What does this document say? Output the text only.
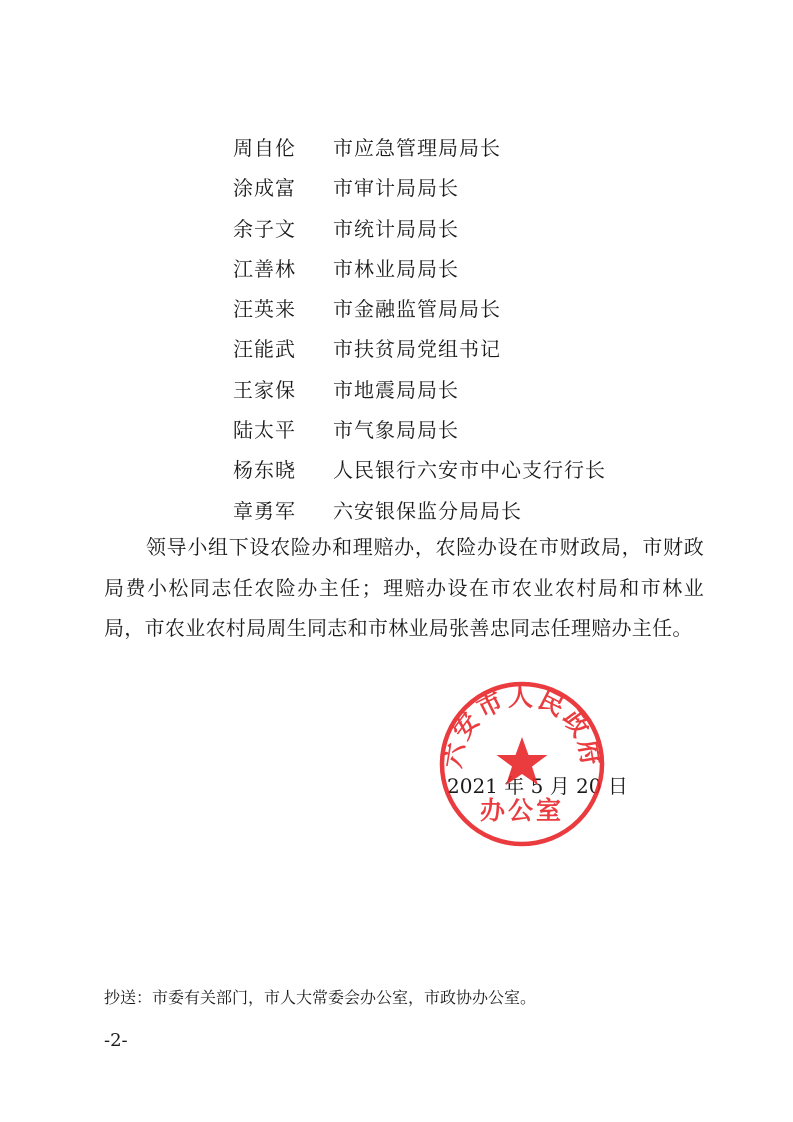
周自伦 市应急管理局局长
涂成富 市审计局局长
余子文 市统计局局长
江善林 市林业局局长
汪英来 市金融监管局局长
汪能武 市扶贫局党组书记
王家保 市地震局局长
陆太平 市气象局局长
杨东晓 人民银行六安市中心支行行长
章勇军 六安银保监分局局长

领导小组下设农险办和理赔办，农险办设在市财政局，市财政局费小松同志任农险办主任；理赔办设在市农业农村局和市林业局，市农业农村局周生同志和市林业局张善忠同志任理赔办主任。

2021 年 5 月 20 日
六安市人民政府
办公室
抄送：市委有关部门，市人大常委会办公室，市政协办公室。
-2-
